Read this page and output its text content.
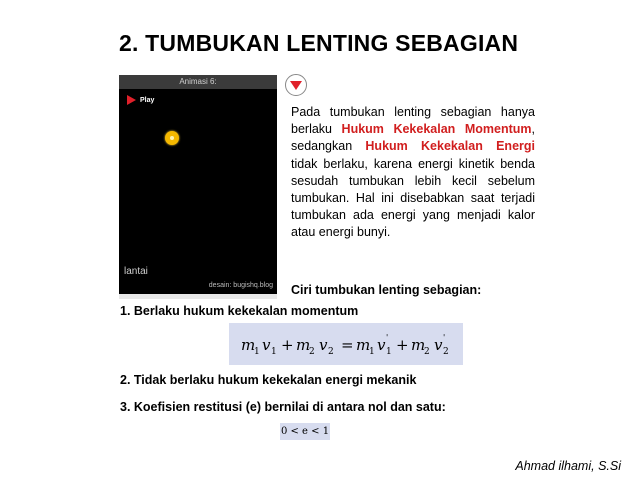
2. TUMBUKAN LENTING SEBAGIAN
Animasi 6:
Play
lantai
desain: bugishq.blog
Pada tumbukan lenting sebagian hanya berlaku Hukum Kekekalan Momentum, sedangkan Hukum Kekekalan Energi tidak berlaku, karena energi kinetik benda sesudah tumbukan lebih kecil sebelum tumbukan. Hal ini disebabkan saat terjadi tumbukan ada energi yang menjadi kalor atau energi bunyi.
Ciri tumbukan lenting sebagian:
1. Berlaku hukum kekekalan momentum
m
1 v 1 + m
2 v 2 = m
1 v '
1 + m
2 v '
2
2. Tidak berlaku hukum kekekalan energi mekanik
3. Koefisien restitusi (e) bernilai di antara nol dan satu:
0 < e < 1
Ahmad ilhami, S.Si
